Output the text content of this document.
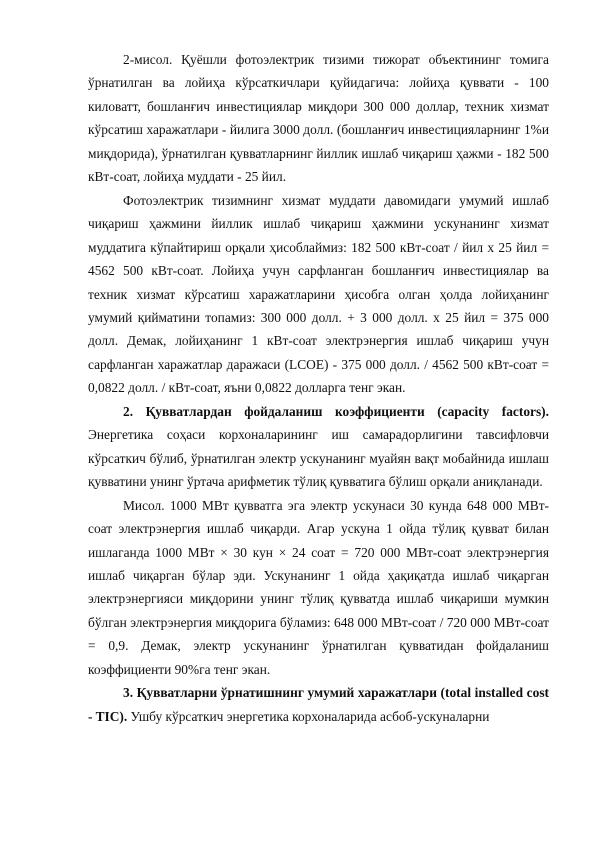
2-мисол. Қуёшли фотоэлектрик тизими тижорат объектининг томига ўрнатилган ва лойиҳа кўрсаткичлари қуйидагича: лойиҳа қуввати - 100 киловатт, бошланғич инвестициялар миқдори 300 000 доллар, техник хизмат кўрсатиш харажатлари - йилига 3000 долл. (бошланғич инвестицияларнинг 1%и миқдорида), ўрнатилган қувватларнинг йиллик ишлаб чиқариш ҳажми - 182 500 кВт-соат, лойиҳа муддати - 25 йил.

Фотоэлектрик тизимнинг хизмат муддати давомидаги умумий ишлаб чиқариш ҳажмини йиллик ишлаб чиқариш ҳажмини ускунанинг хизмат муддатига кўпайтириш орқали ҳисоблаймиз: 182 500 кВт-соат / йил x 25 йил = 4562 500 кВт-соат. Лойиҳа учун сарфланган бошланғич инвестициялар ва техник хизмат кўрсатиш харажатларини ҳисобга олган ҳолда лойиҳанинг умумий қийматини топамиз: 300 000 долл. + 3 000 долл. x 25 йил = 375 000 долл. Демак, лойиҳанинг 1 кВт-соат электрэнергия ишлаб чиқариш учун сарфланган харажатлар даражаси (LCOE) - 375 000 долл. / 4562 500 кВт-соат = 0,0822 долл. / кВт-соат, яъни 0,0822 долларга тенг экан.

2. Қувватлардан фойдаланиш коэффициенти (capacity factors). Энергетика соҳаси корхоналарининг иш самарадорлигини тавсифловчи кўрсаткич бўлиб, ўрнатилган электр ускунанинг муайян вақт мобайнида ишлаш қувватини унинг ўртача арифметик тўлиқ қувватига бўлиш орқали аниқланади.

Мисол. 1000 МВт қувватга эга электр ускунаси 30 кунда 648 000 МВт-соат электрэнергия ишлаб чиқарди. Агар ускуна 1 ойда тўлиқ қувват билан ишлаганда 1000 МВт × 30 кун × 24 соат = 720 000 МВт-соат электрэнергия ишлаб чиқарган бўлар эди. Ускунанинг 1 ойда ҳақиқатда ишлаб чиқарган электрэнергияси миқдорини унинг тўлиқ қувватда ишлаб чиқариши мумкин бўлган электрэнергия миқдорига бўламиз: 648 000 МВт-соат / 720 000 МВт-соат = 0,9. Демак, электр ускунанинг ўрнатилган қувватидан фойдаланиш коэффициенти 90%га тенг экан.

3. Қувватларни ўрнатишнинг умумий харажатлари (total installed cost - TIC). Ушбу кўрсаткич энергетика корхоналарида асбоб-ускуналарни
